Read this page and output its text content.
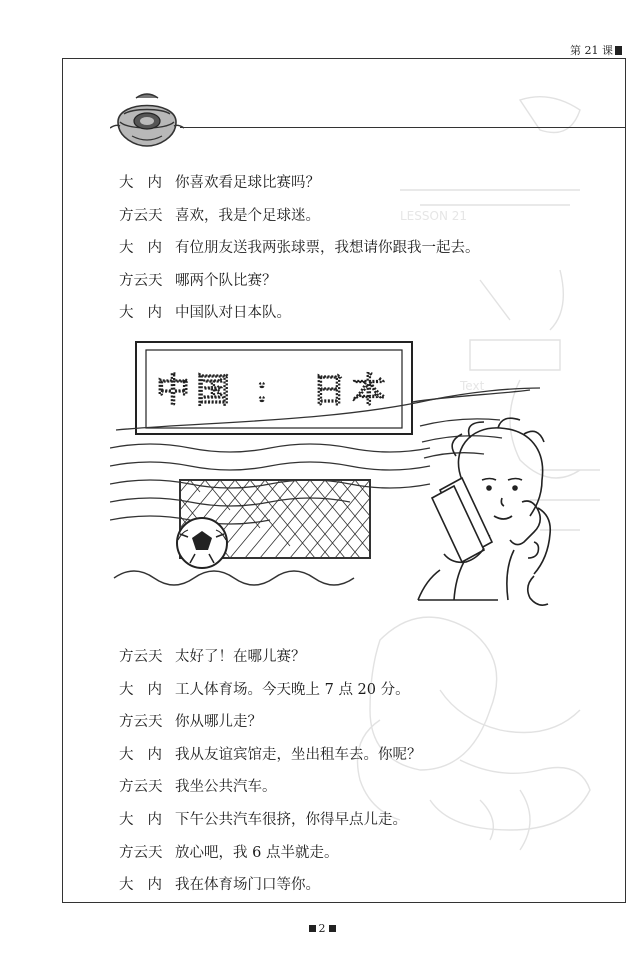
LESSON 21
Text
第 21 课
大内 你喜欢看足球比赛吗？
方云天 喜欢，我是个足球迷。
大内 有位朋友送我两张球票，我想请你跟我一起去。
方云天 哪两个队比赛？
大内 中国队对日本队。
中国 ： 日本
方云天 太好了！在哪儿赛？
大内 工人体育场。今天晚上 7 点 20 分。
方云天 你从哪儿走？
大内 我从友谊宾馆走，坐出租车去。你呢？
方云天 我坐公共汽车。
大内 下午公共汽车很挤，你得早点儿走。
方云天 放心吧，我 6 点半就走。
大内 我在体育场门口等你。
2
